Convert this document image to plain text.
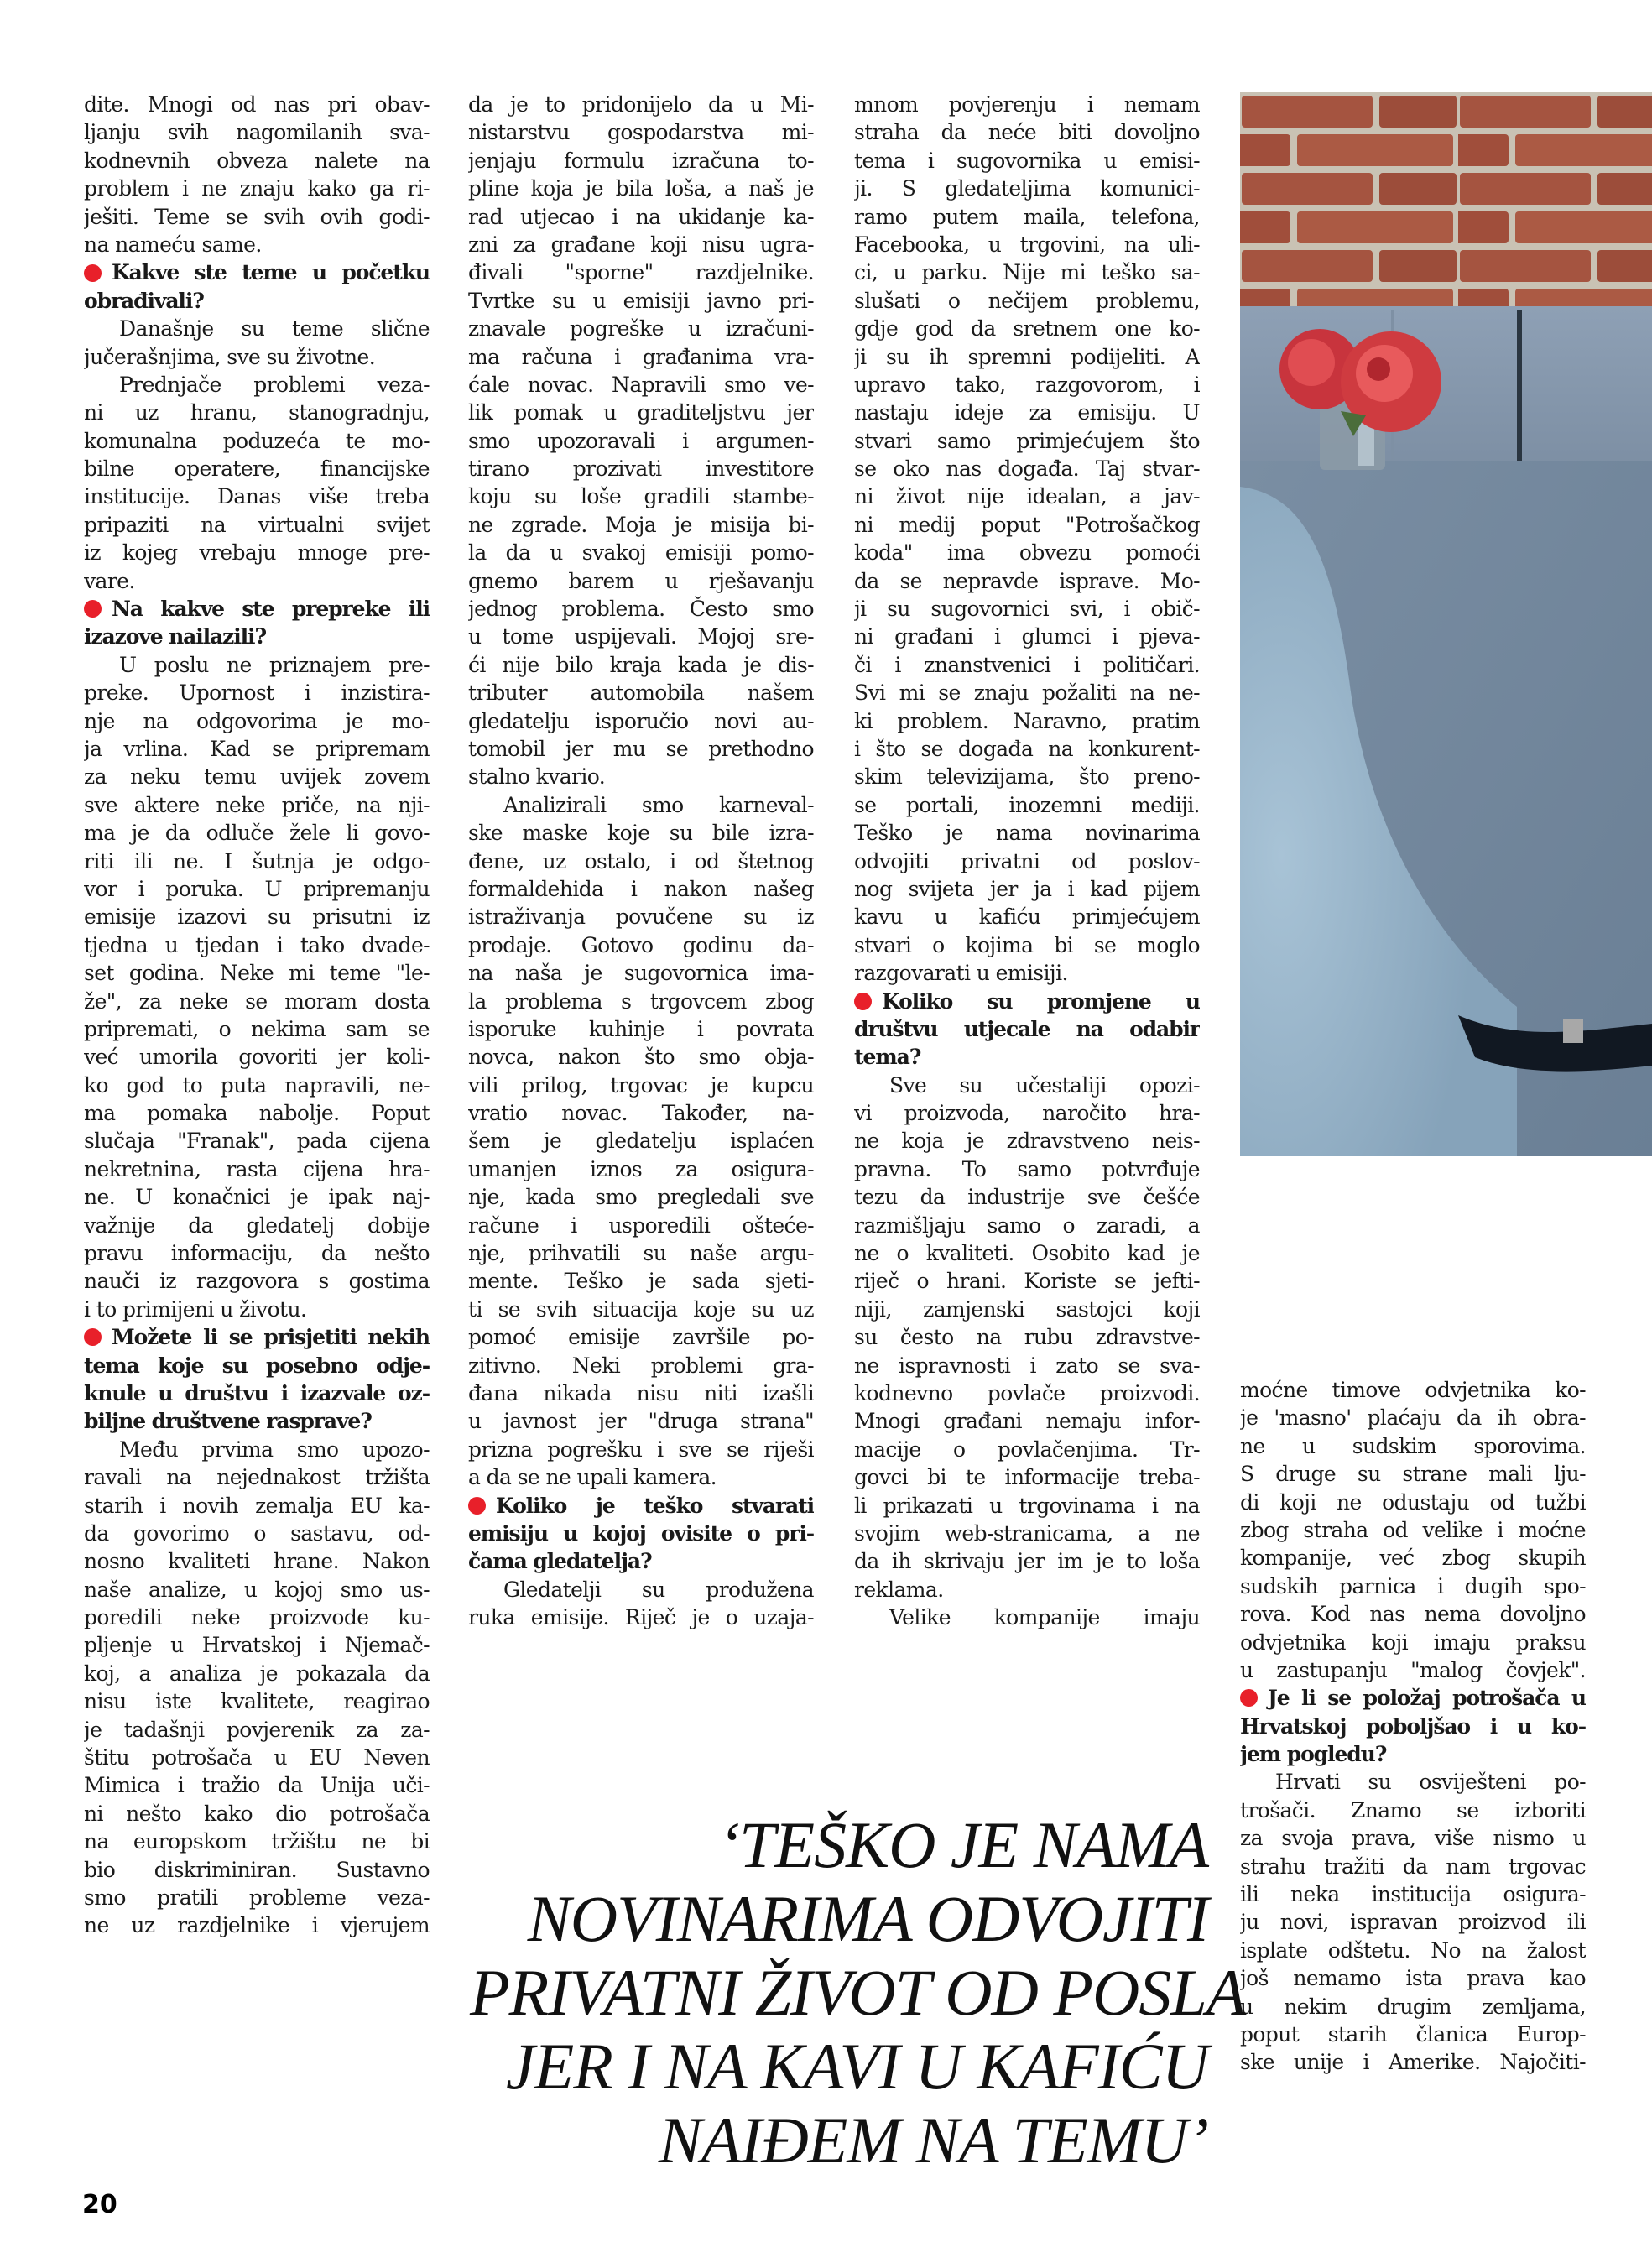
dite. Mnogi od nas pri obav-
ljanju svih nagomilanih sva-
kodnevnih obveza nalete na
problem i ne znaju kako ga ri-
ješiti. Teme se svih ovih godi-
na nameću same.
Kakve ste teme u početku
obrađivali?
Današnje su teme slične
jučerašnjima, sve su životne.
Prednjače problemi veza-
ni uz hranu, stanogradnju,
komunalna poduzeća te mo-
bilne operatere, financijske
institucije. Danas više treba
pripaziti na virtualni svijet
iz kojeg vrebaju mnoge pre-
vare.
Na kakve ste prepreke ili
izazove nailazili?
U poslu ne priznajem pre-
preke. Upornost i inzistira-
nje na odgovorima je mo-
ja vrlina. Kad se pripremam
za neku temu uvijek zovem
sve aktere neke priče, na nji-
ma je da odluče žele li govo-
riti ili ne. I šutnja je odgo-
vor i poruka. U pripremanju
emisije izazovi su prisutni iz
tjedna u tjedan i tako dvade-
set godina. Neke mi teme "le-
že", za neke se moram dosta
pripremati, o nekima sam se
već umorila govoriti jer koli-
ko god to puta napravili, ne-
ma pomaka nabolje. Poput
slučaja "Franak", pada cijena
nekretnina, rasta cijena hra-
ne. U konačnici je ipak naj-
važnije da gledatelj dobije
pravu informaciju, da nešto
nauči iz razgovora s gostima
i to primijeni u životu.
Možete li se prisjetiti nekih
tema koje su posebno odje-
knule u društvu i izazvale oz-
biljne društvene rasprave?
Među prvima smo upozo-
ravali na nejednakost tržišta
starih i novih zemalja EU ka-
da govorimo o sastavu, od-
nosno kvaliteti hrane. Nakon
naše analize, u kojoj smo us-
poredili neke proizvode ku-
pljenje u Hrvatskoj i Njemač-
koj, a analiza je pokazala da
nisu iste kvalitete, reagirao
je tadašnji povjerenik za za-
štitu potrošača u EU Neven
Mimica i tražio da Unija uči-
ni nešto kako dio potrošača
na europskom tržištu ne bi
bio diskriminiran. Sustavno
smo pratili probleme veza-
ne uz razdjelnike i vjerujem
da je to pridonijelo da u Mi-
nistarstvu gospodarstva mi-
jenjaju formulu izračuna to-
pline koja je bila loša, a naš je
rad utjecao i na ukidanje ka-
zni za građane koji nisu ugra-
đivali "sporne" razdjelnike.
Tvrtke su u emisiji javno pri-
znavale pogreške u izračuni-
ma računa i građanima vra-
ćale novac. Napravili smo ve-
lik pomak u graditeljstvu jer
smo upozoravali i argumen-
tirano prozivati investitore
koju su loše gradili stambe-
ne zgrade. Moja je misija bi-
la da u svakoj emisiji pomo-
gnemo barem u rješavanju
jednog problema. Često smo
u tome uspijevali. Mojoj sre-
ći nije bilo kraja kada je dis-
tributer automobila našem
gledatelju isporučio novi au-
tomobil jer mu se prethodno
stalno kvario.
Analizirali smo karneval-
ske maske koje su bile izra-
đene, uz ostalo, i od štetnog
formaldehida i nakon našeg
istraživanja povučene su iz
prodaje. Gotovo godinu da-
na naša je sugovornica ima-
la problema s trgovcem zbog
isporuke kuhinje i povrata
novca, nakon što smo obja-
vili prilog, trgovac je kupcu
vratio novac. Također, na-
šem je gledatelju isplaćen
umanjen iznos za osigura-
nje, kada smo pregledali sve
račune i usporedili oštećе-
nje, prihvatili su naše argu-
mente. Teško je sada sjeti-
ti se svih situacija koje su uz
pomoć emisije završile po-
zitivno. Neki problemi gra-
đana nikada nisu niti izašli
u javnost jer "druga strana"
prizna pogrešku i sve se riješi
a da se ne upali kamera.
Koliko je teško stvarati
emisiju u kojoj ovisite o pri-
čama gledatelja?
Gledatelji su produžena
ruka emisije. Riječ je o uzaja-
mnom povjerenju i nemam
straha da neće biti dovoljno
tema i sugovornika u emisi-
ji. S gledateljima komunici-
ramo putem maila, telefona,
Facebooka, u trgovini, na uli-
ci, u parku. Nije mi teško sa-
slušati o nečijem problemu,
gdje god da sretnem one ko-
ji su ih spremni podijeliti. A
upravo tako, razgovorom, i
nastaju ideje za emisiju. U
stvari samo primjećujem što
se oko nas događa. Taj stvar-
ni život nije idealan, a jav-
ni medij poput "Potrošačkog
koda" ima obvezu pomoći
da se nepravde isprave. Mo-
ji su sugovornici svi, i obič-
ni građani i glumci i pjeva-
či i znanstvenici i političari.
Svi mi se znaju požaliti na ne-
ki problem. Naravno, pratim
i što se događa na konkurent-
skim televizijama, što preno-
se portali, inozemni mediji.
Teško je nama novinarima
odvojiti privatni od poslov-
nog svijeta jer ja i kad pijem
kavu u kafiću primjećujem
stvari o kojima bi se moglo
razgovarati u emisiji.
Koliko su promjene u
društvu utjecale na odabir
tema?
Sve su učestaliji opozi-
vi proizvoda, naročito hra-
ne koja je zdravstveno neis-
pravna. To samo potvrđuje
tezu da industrije sve češće
razmišljaju samo o zaradi, a
ne o kvaliteti. Osobito kad je
riječ o hrani. Koriste se jefti-
niji, zamjenski sastojci koji
su često na rubu zdravstve-
ne ispravnosti i zato se sva-
kodnevno povlače proizvodi.
Mnogi građani nemaju infor-
macije o povlačenjima. Tr-
govci bi te informacije treba-
li prikazati u trgovinama i na
svojim web-stranicama, a ne
da ih skrivaju jer im je to loša
reklama.
Velike kompanije imaju
moćne timove odvjetnika ko-
je 'masno' plaćaju da ih obra-
ne u sudskim sporovima.
S druge su strane mali lju-
di koji ne odustaju od tužbi
zbog straha od velike i moćne
kompanije, već zbog skupih
sudskih parnica i dugih spo-
rova. Kod nas nema dovoljno
odvjetnika koji imaju praksu
u zastupanju "malog čovjek".
Je li se položaj potrošača u
Hrvatskoj poboljšao i u ko-
jem pogledu?
Hrvati su osviješteni po-
trošači. Znamo se izboriti
za svoja prava, više nismo u
strahu tražiti da nam trgovac
ili neka institucija osigura-
ju novi, ispravan proizvod ili
isplate odštetu. No na žalost
još nemamo ista prava kao
u nekim drugim zemljama,
poput starih članica Europ-
ske unije i Amerike. Najočiti-
‘TEŠKO JE NAMA
NOVINARIMA ODVOJITI
PRIVATNI ŽIVOT OD POSLA
JER I NA KAVI U KAFIĆU
NAIĐEM NA TEMU’
20
